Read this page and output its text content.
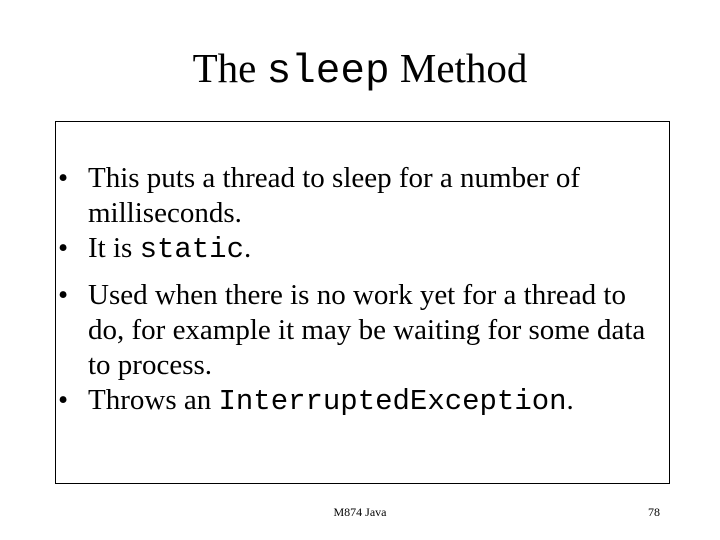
The sleep Method
• This puts a thread to sleep for a number of milliseconds.
• It is static.
• Used when there is no work yet for a thread to do, for example it may be waiting for some data to process.
• Throws an InterruptedException.
M874 Java	78
